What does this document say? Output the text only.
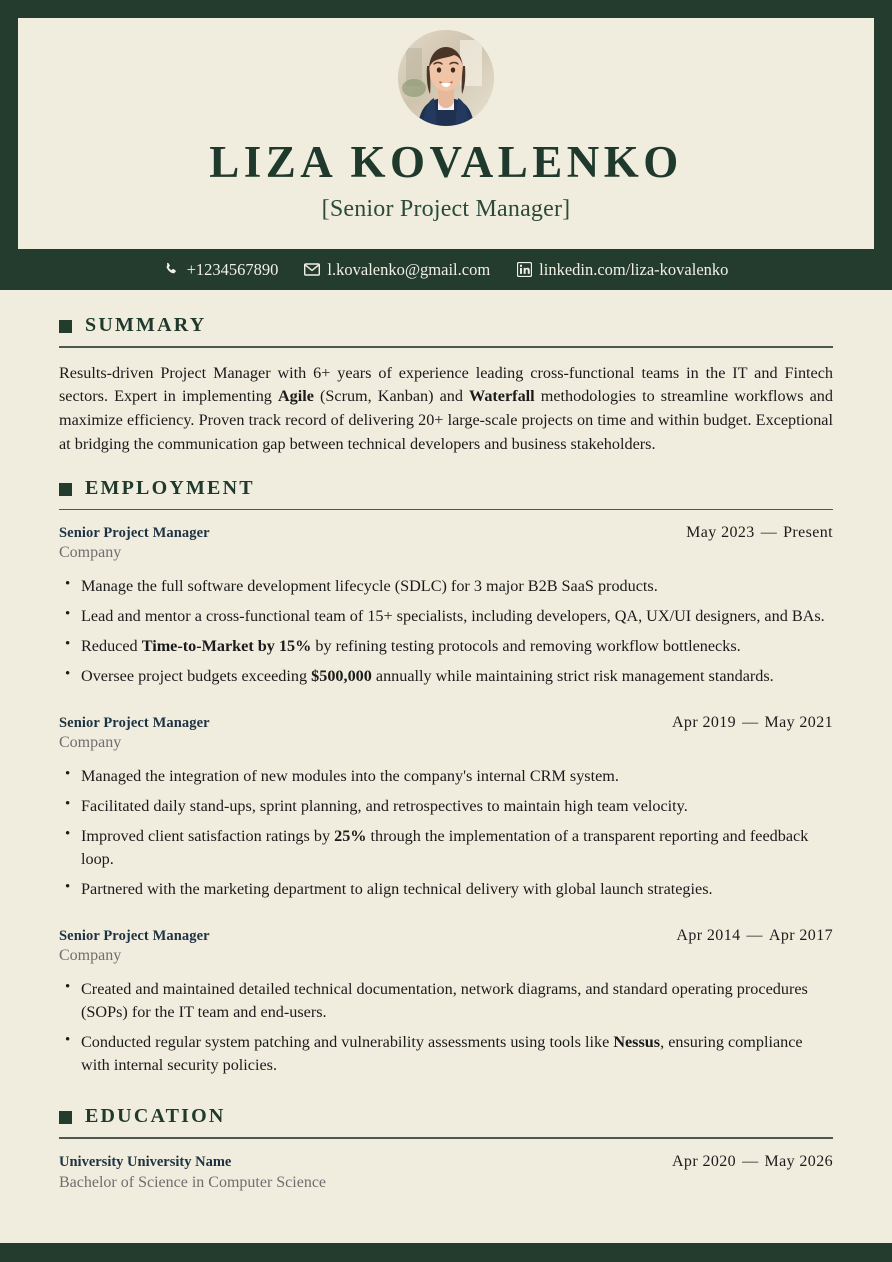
LIZA KOVALENKO
[Senior Project Manager]
+1234567890	l.kovalenko@gmail.com	linkedin.com/liza-kovalenko
SUMMARY

Results-driven Project Manager with 6+ years of experience leading cross-functional teams in the IT and Fintech sectors. Expert in implementing Agile (Scrum, Kanban) and Waterfall methodologies to streamline workflows and maximize efficiency. Proven track record of delivering 20+ large-scale projects on time and within budget. Exceptional at bridging the communication gap between technical developers and business stakeholders.

EMPLOYMENT
Senior Project Manager	May 2023 — Present
Company
• Manage the full software development lifecycle (SDLC) for 3 major B2B SaaS products.
• Lead and mentor a cross-functional team of 15+ specialists, including developers, QA, UX/UI designers, and BAs.
• Reduced Time-to-Market by 15% by refining testing protocols and removing workflow bottlenecks.
• Oversee project budgets exceeding $500,000 annually while maintaining strict risk management standards.
Senior Project Manager	Apr 2019 — May 2021
Company
• Managed the integration of new modules into the company's internal CRM system.
• Facilitated daily stand-ups, sprint planning, and retrospectives to maintain high team velocity.
• Improved client satisfaction ratings by 25% through the implementation of a transparent reporting and feedback loop.
• Partnered with the marketing department to align technical delivery with global launch strategies.
Senior Project Manager	Apr 2014 — Apr 2017
Company
• Created and maintained detailed technical documentation, network diagrams, and standard operating procedures (SOPs) for the IT team and end-users.
• Conducted regular system patching and vulnerability assessments using tools like Nessus, ensuring compliance with internal security policies.
EDUCATION
University University Name	Apr 2020 — May 2026
Bachelor of Science in Computer Science
